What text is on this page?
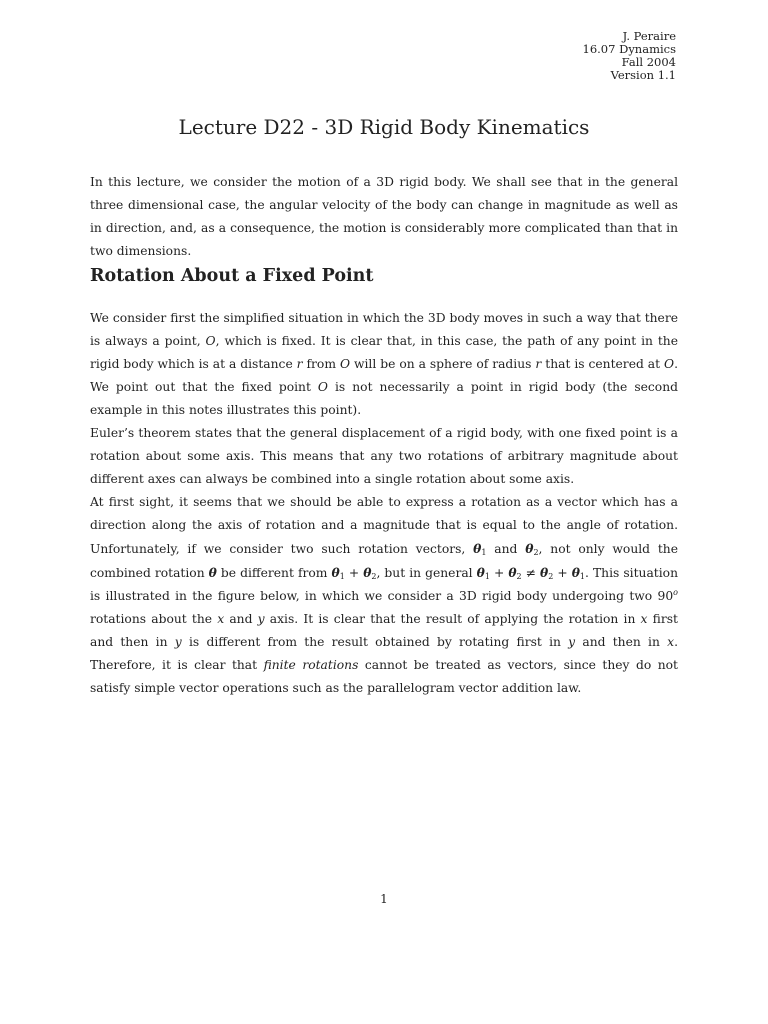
J. Peraire
16.07 Dynamics
Fall 2004
Version 1.1
Lecture D22 - 3D Rigid Body Kinematics

In this lecture, we consider the motion of a 3D rigid body. We shall see that in the general three dimensional case, the angular velocity of the body can change in magnitude as well as in direction, and, as a consequence, the motion is considerably more complicated than that in two dimensions.

Rotation About a Fixed Point

We consider first the simplified situation in which the 3D body moves in such a way that there is always a point, O, which is fixed. It is clear that, in this case, the path of any point in the rigid body which is at a distance r from O will be on a sphere of radius r that is centered at O. We point out that the fixed point O is not necessarily a point in rigid body (the second example in this notes illustrates this point).

Euler’s theorem states that the general displacement of a rigid body, with one fixed point is a rotation about some axis. This means that any two rotations of arbitrary magnitude about different axes can always be combined into a single rotation about some axis.

At first sight, it seems that we should be able to express a rotation as a vector which has a direction along the axis of rotation and a magnitude that is equal to the angle of rotation. Unfortunately, if we consider two such rotation vectors, $\theta_1$ and $\theta_2$, not only would the combined rotation θ be different from $\theta_1 + \theta_2$, but in general $\theta_1 + \theta_2 \ne \theta_2 + \theta_1$. This situation is illustrated in the figure below, in which we consider a 3D rigid body undergoing two 90$^o$ rotations about the x and y axis. It is clear that the result of applying the rotation in x first and then in y is different from the result obtained by rotating first in y and then in x. Therefore, it is clear that finite rotations cannot be treated as vectors, since they do not satisfy simple vector operations such as the parallelogram vector addition law.

1
